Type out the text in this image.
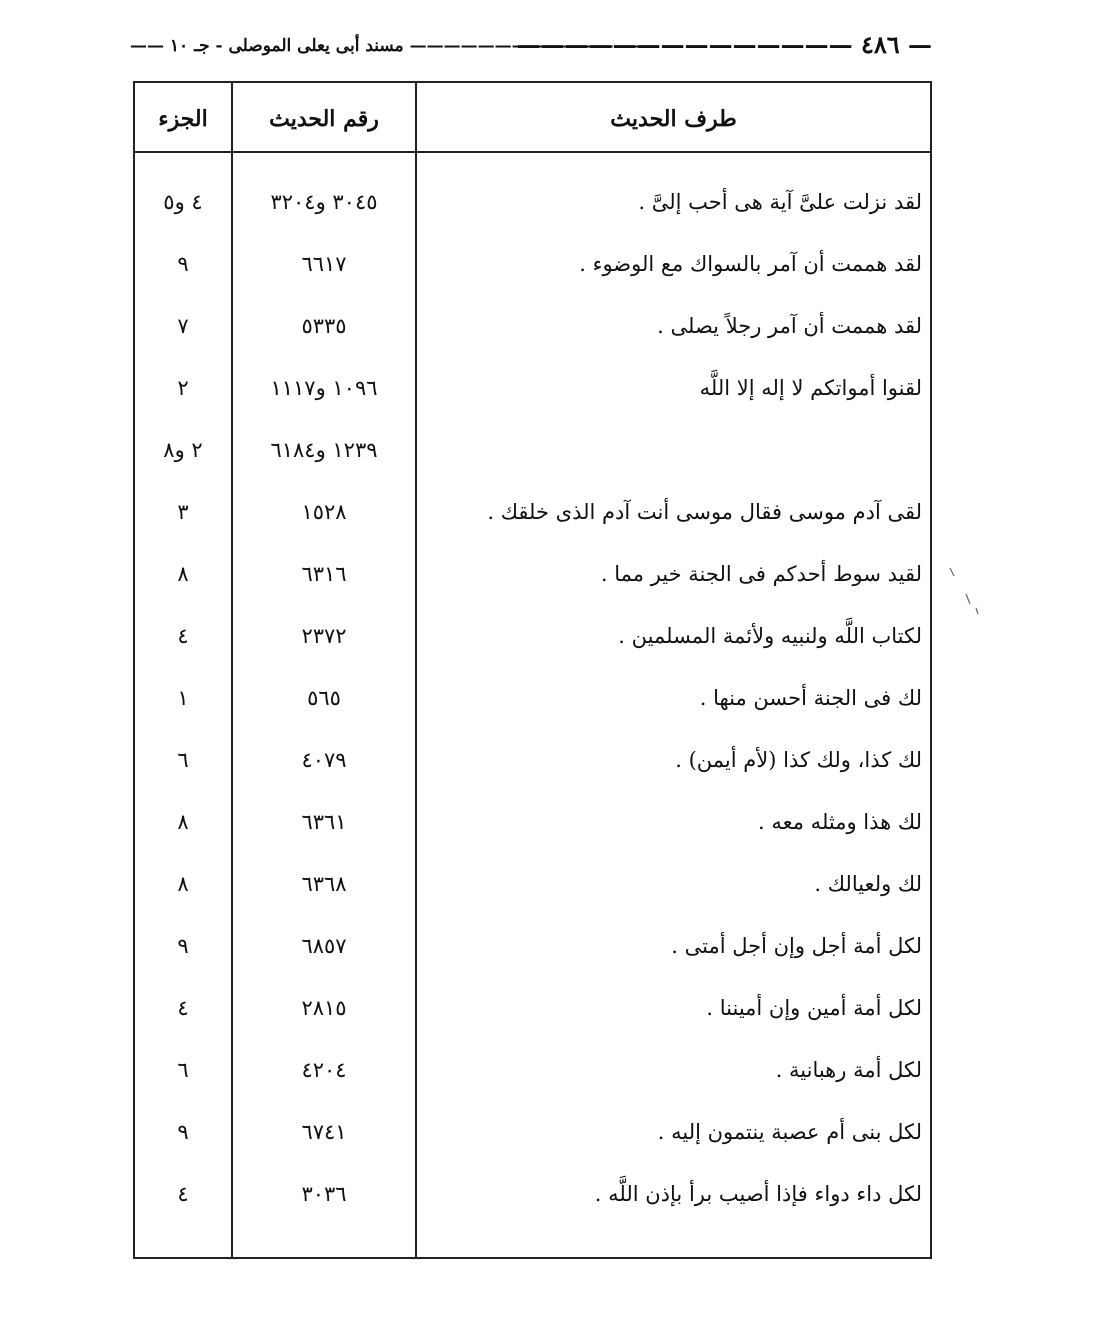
— ٤٨٦ ——————————————
—————————————— مسند أبى يعلى الموصلى - جـ ١٠ ——
طرف الحديث
رقم الحديث
الجزء
لقد نزلت علىَّ آية هى أحب إلىَّ .
٣٠٤٥ و٣٢٠٤
٤ و٥
لقد هممت أن آمر بالسواك مع الوضوء .
٦٦١٧
٩
لقد هممت أن آمر رجلاً يصلى .
٥٣٣٥
٧
لقنوا أمواتكم لا إله إلا اللَّه
١٠٩٦ و١١١٧
٢
١٢٣٩ و٦١٨٤
٢ و٨
لقى آدم موسى فقال موسى أنت آدم الذى خلقك .
١٥٢٨
٣
لقيد سوط أحدكم فى الجنة خير مما .
٦٣١٦
٨
لكتاب اللَّه ولنبيه ولأئمة المسلمين .
٢٣٧٢
٤
لك فى الجنة أحسن منها .
٥٦٥
١
لك كذا، ولك كذا (لأم أيمن) .
٤٠٧٩
٦
لك هذا ومثله معه .
٦٣٦١
٨
لك ولعيالك .
٦٣٦٨
٨
لكل أمة أجل وإن أجل أمتى .
٦٨٥٧
٩
لكل أمة أمين وإن أميننا .
٢٨١٥
٤
لكل أمة رهبانية .
٤٢٠٤
٦
لكل بنى أم عصبة ينتمون إليه .
٦٧٤١
٩
لكل داء دواء فإذا أصيب برأ بإذن اللَّه .
٣٠٣٦
٤
